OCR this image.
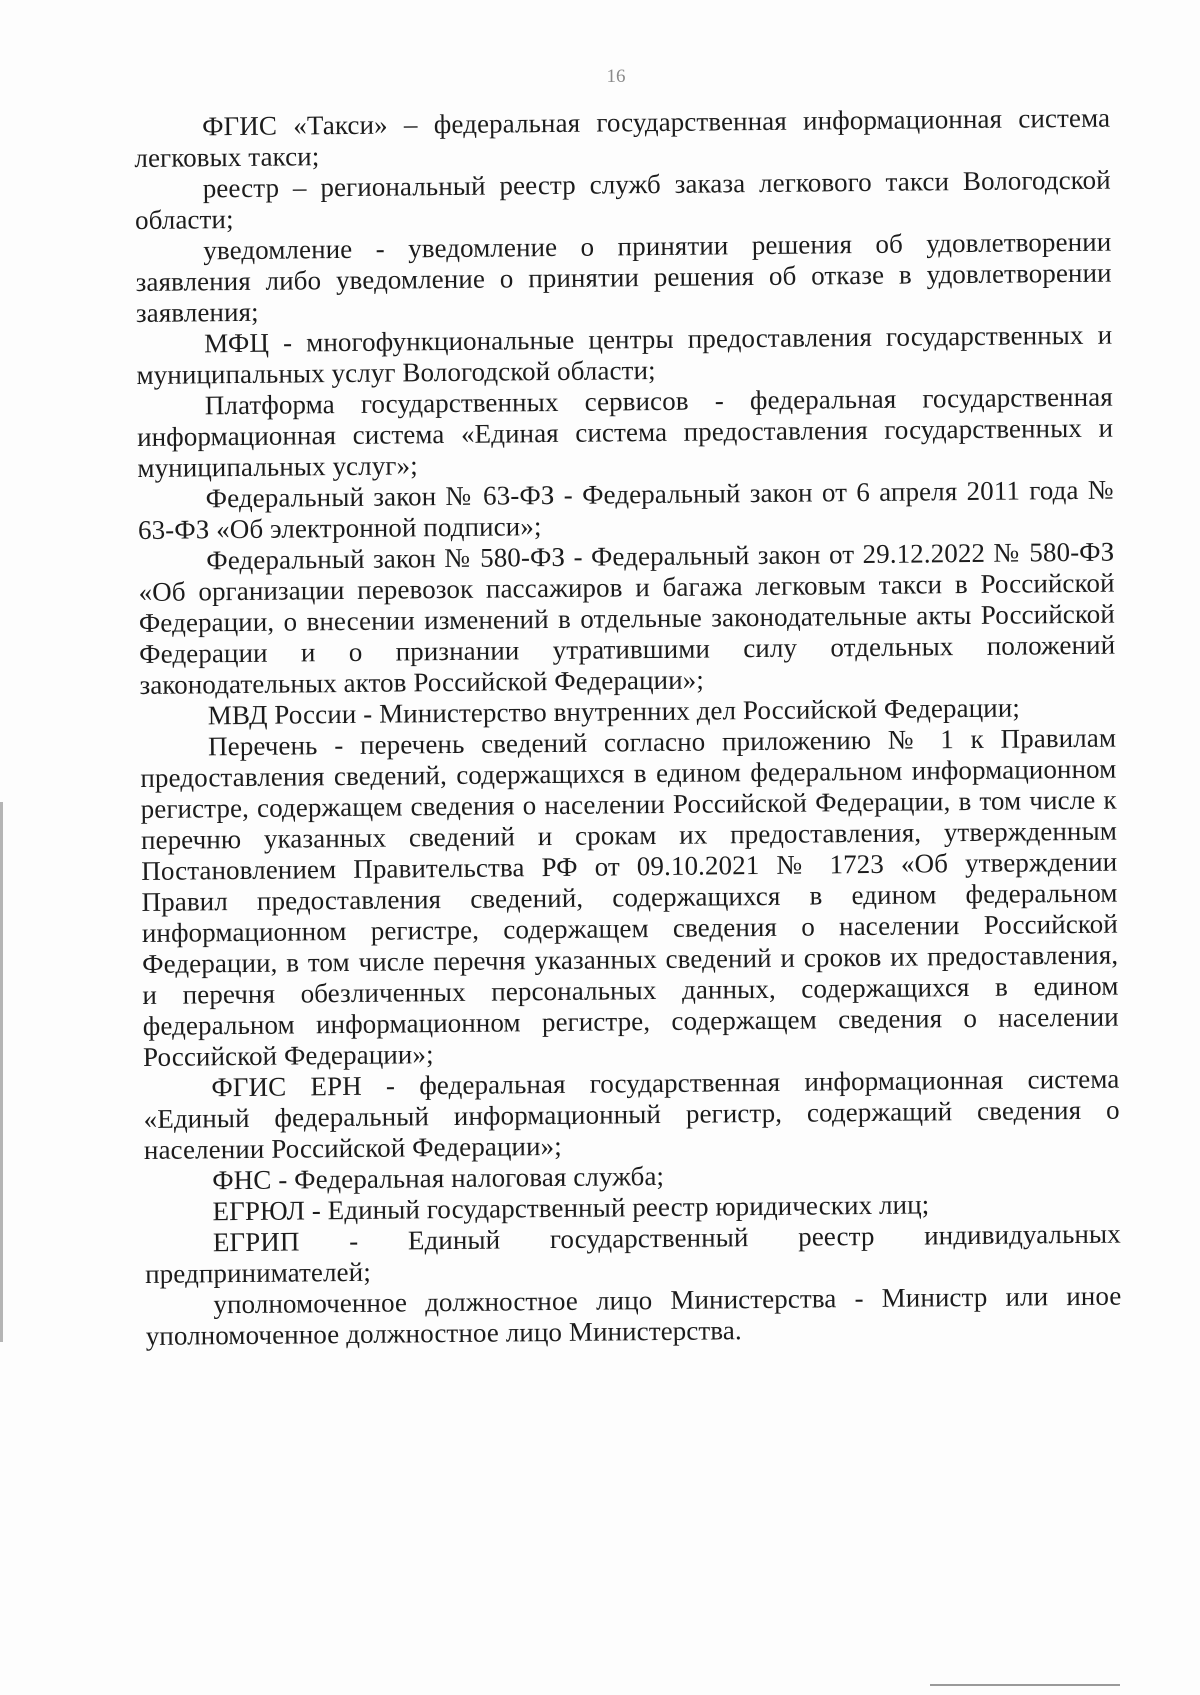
16

ФГИС «Такси» – федеральная государственная информационная система легковых такси;

реестр – региональный реестр служб заказа легкового такси Вологодской области;

уведомление - уведомление о принятии решения об удовлетворении заявления либо уведомление о принятии решения об отказе в удовлетворении заявления;

МФЦ - многофункциональные центры предоставления государственных и муниципальных услуг Вологодской области;

Платформа государственных сервисов - федеральная государственная информационная система «Единая система предоставления государственных и муниципальных услуг»;

Федеральный закон № 63-ФЗ - Федеральный закон от 6 апреля 2011 года № 63-ФЗ «Об электронной подписи»;

Федеральный закон № 580-ФЗ - Федеральный закон от 29.12.2022 № 580-ФЗ «Об организации перевозок пассажиров и багажа легковым такси в Российской Федерации, о внесении изменений в отдельные законодательные акты Российской Федерации и о признании утратившими силу отдельных положений законодательных актов Российской Федерации»;

МВД России - Министерство внутренних дел Российской Федерации;

Перечень - перечень сведений согласно приложению № 1 к Правилам предоставления сведений, содержащихся в едином федеральном информационном регистре, содержащем сведения о населении Российской Федерации, в том числе к перечню указанных сведений и срокам их предоставления, утвержденным Постановлением Правительства РФ от 09.10.2021 № 1723 «Об утверждении Правил предоставления сведений, содержащихся в едином федеральном информационном регистре, содержащем сведения о населении Российской Федерации, в том числе перечня указанных сведений и сроков их предоставления, и перечня обезличенных персональных данных, содержащихся в едином федеральном информационном регистре, содержащем сведения о населении Российской Федерации»;

ФГИС ЕРН - федеральная государственная информационная система «Единый федеральный информационный регистр, содержащий сведения о населении Российской Федерации»;

ФНС - Федеральная налоговая служба;

ЕГРЮЛ - Единый государственный реестр юридических лиц;

ЕГРИП - Единый государственный реестр индивидуальных предпринимателей;

уполномоченное должностное лицо Министерства - Министр или иное уполномоченное должностное лицо Министерства.
